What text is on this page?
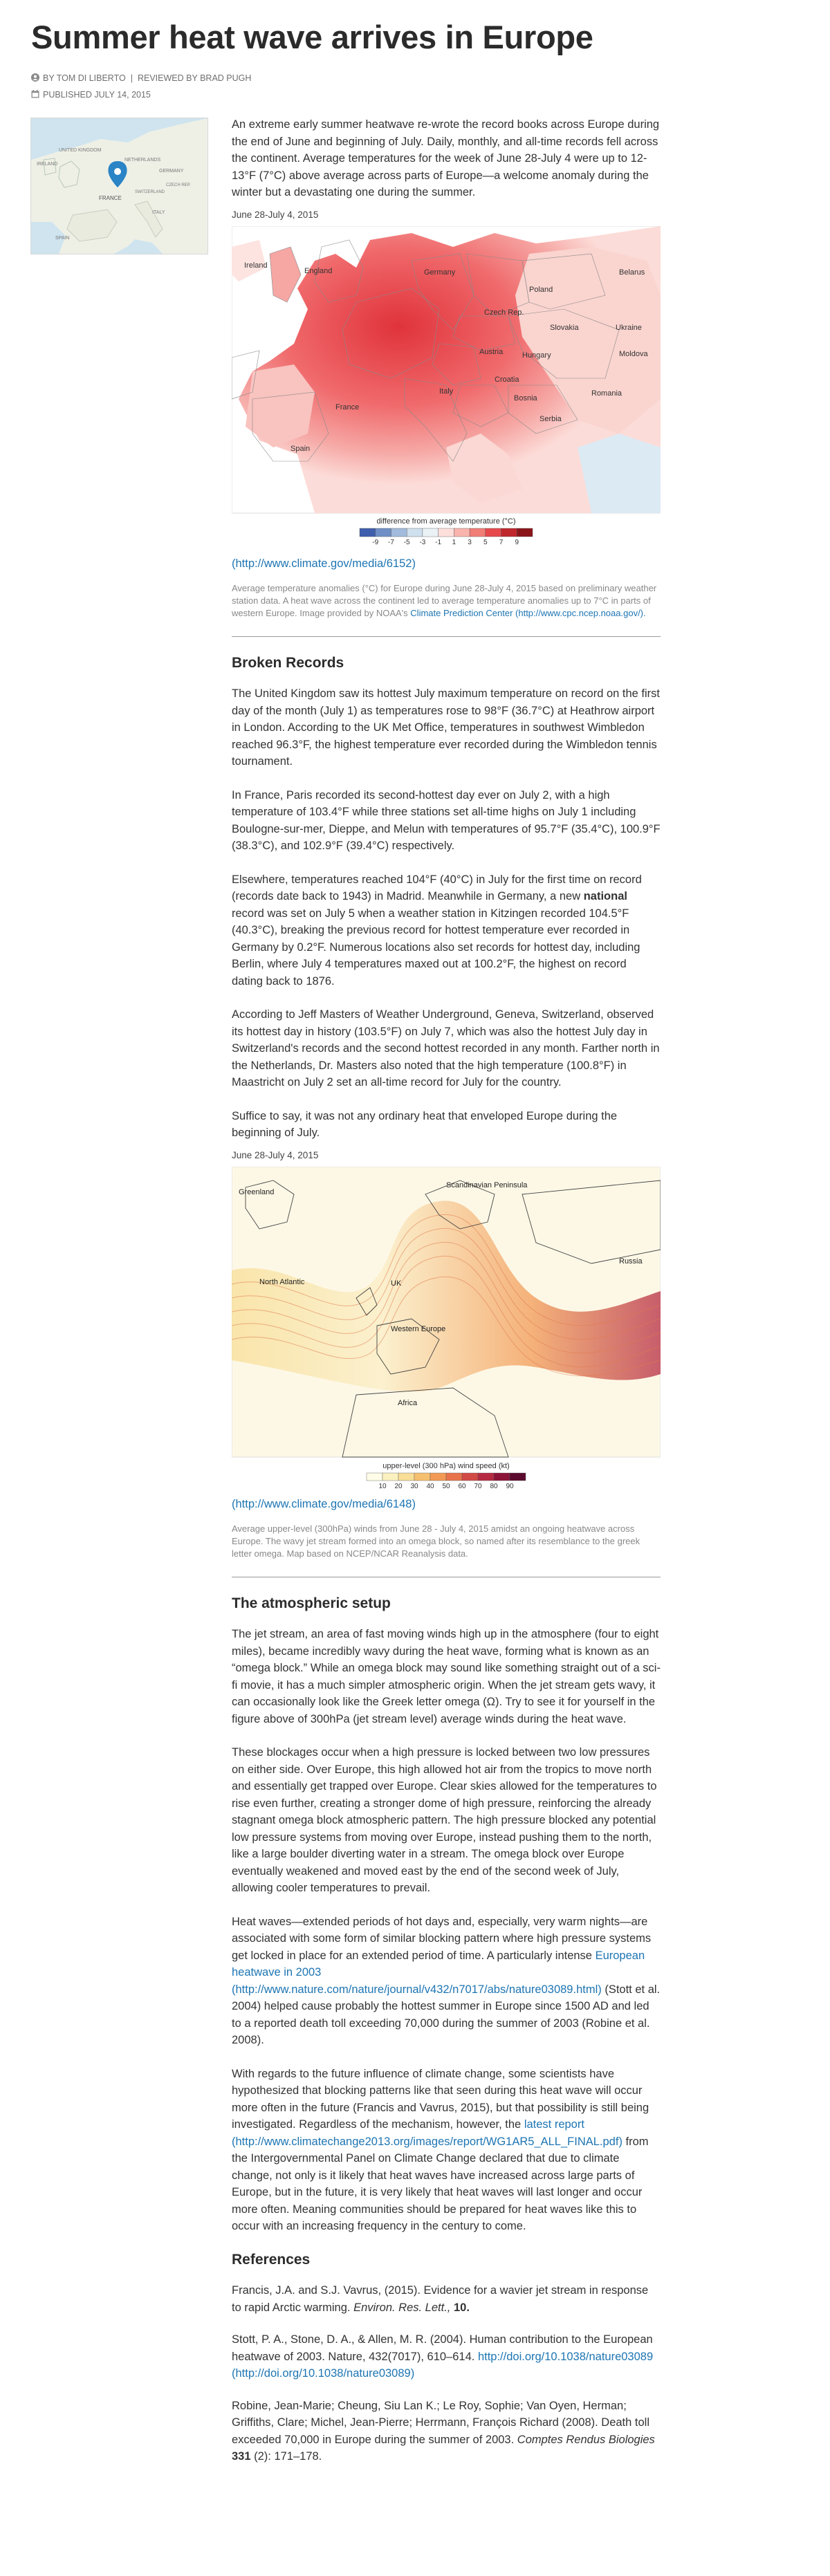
Summer heat wave arrives in Europe
BY TOM DI LIBERTO | REVIEWED BY BRAD PUGH
PUBLISHED JULY 14, 2015
IRELAND
UNITED KINGDOM
NETHERLANDS
GERMANY
FRANCE
ITALY
SPAIN
SWITZERLAND
CZECH REP.

An extreme early summer heatwave re-wrote the record books across Europe during the end of June and beginning of July. Daily, monthly, and all-time records fell across the continent. Average temperatures for the week of June 28-July 4 were up to 12-13°F (7°C) above average across parts of Europe—a welcome anomaly during the winter but a devastating one during the summer.

June 28-July 4, 2015
Ireland
England	Germany
Poland
Belarus
Czech Rep.
Ukraine
Slovakia
Moldova
Hungary
France
Austria
Croatia
Bosnia
Serbia
Romania
Italy
Spain
difference from average temperature (°C)
-9 -7 -5 -3 -1 1 3 5 7 9
(http://www.climate.gov/media/6152)

Average temperature anomalies (°C) for Europe during June 28-July 4, 2015 based on preliminary weather station data. A heat wave across the continent led to average temperature anomalies up to 7°C in parts of western Europe. Image provided by NOAA's Climate Prediction Center (http://www.cpc.ncep.noaa.gov/).

Broken Records

The United Kingdom saw its hottest July maximum temperature on record on the first day of the month (July 1) as temperatures rose to 98°F (36.7°C) at Heathrow airport in London. According to the UK Met Office, temperatures in southwest Wimbledon reached 96.3°F, the highest temperature ever recorded during the Wimbledon tennis tournament.

In France, Paris recorded its second-hottest day ever on July 2, with a high temperature of 103.4°F while three stations set all-time highs on July 1 including Boulogne-sur-mer, Dieppe, and Melun with temperatures of 95.7°F (35.4°C), 100.9°F (38.3°C), and 102.9°F (39.4°C) respectively.

Elsewhere, temperatures reached 104°F (40°C) in July for the first time on record (records date back to 1943) in Madrid. Meanwhile in Germany, a new national record was set on July 5 when a weather station in Kitzingen recorded 104.5°F (40.3°C), breaking the previous record for hottest temperature ever recorded in Germany by 0.2°F. Numerous locations also set records for hottest day, including Berlin, where July 4 temperatures maxed out at 100.2°F, the highest on record dating back to 1876.

According to Jeff Masters of Weather Underground, Geneva, Switzerland, observed its hottest day in history (103.5°F) on July 7, which was also the hottest July day in Switzerland's records and the second hottest recorded in any month. Farther north in the Netherlands, Dr. Masters also noted that the high temperature (100.8°F) in Maastricht on July 2 set an all-time record for July for the country.

Suffice to say, it was not any ordinary heat that enveloped Europe during the beginning of July.

June 28-July 4, 2015
Greenland
Scandinavian Peninsula
Russia
North Atlantic	UK
Western Europe
Africa
upper-level (300 hPa) wind speed (kt)
10 20 30 40 50 60 70 80 90
(http://www.climate.gov/media/6148)

Average upper-level (300hPa) winds from June 28 - July 4, 2015 amidst an ongoing heatwave across Europe. The wavy jet stream formed into an omega block, so named after its resemblance to the greek letter omega. Map based on NCEP/NCAR Reanalysis data.

The atmospheric setup

The jet stream, an area of fast moving winds high up in the atmosphere (four to eight miles), became incredibly wavy during the heat wave, forming what is known as an “omega block.” While an omega block may sound like something straight out of a sci-fi movie, it has a much simpler atmospheric origin. When the jet stream gets wavy, it can occasionally look like the Greek letter omega (Ω). Try to see it for yourself in the figure above of 300hPa (jet stream level) average winds during the heat wave.

These blockages occur when a high pressure is locked between two low pressures on either side. Over Europe, this high allowed hot air from the tropics to move north and essentially get trapped over Europe. Clear skies allowed for the temperatures to rise even further, creating a stronger dome of high pressure, reinforcing the already stagnant omega block atmospheric pattern. The high pressure blocked any potential low pressure systems from moving over Europe, instead pushing them to the north, like a large boulder diverting water in a stream. The omega block over Europe eventually weakened and moved east by the end of the second week of July, allowing cooler temperatures to prevail.

Heat waves—extended periods of hot days and, especially, very warm nights—are associated with some form of similar blocking pattern where high pressure systems get locked in place for an extended period of time. A particularly intense European heatwave in 2003 (http://www.nature.com/nature/journal/v432/n7017/abs/nature03089.html) (Stott et al. 2004) helped cause probably the hottest summer in Europe since 1500 AD and led to a reported death toll exceeding 70,000 during the summer of 2003 (Robine et al. 2008).

With regards to the future influence of climate change, some scientists have hypothesized that blocking patterns like that seen during this heat wave will occur more often in the future (Francis and Vavrus, 2015), but that possibility is still being investigated. Regardless of the mechanism, however, the latest report (http://www.climatechange2013.org/images/report/WG1AR5_ALL_FINAL.pdf) from the Intergovernmental Panel on Climate Change declared that due to climate change, not only is it likely that heat waves have increased across large parts of Europe, but in the future, it is very likely that heat waves will last longer and occur more often. Meaning communities should be prepared for heat waves like this to occur with an increasing frequency in the century to come.

References

Francis, J.A. and S.J. Vavrus, (2015). Evidence for a wavier jet stream in response to rapid Arctic warming. Environ. Res. Lett., 10.

Stott, P. A., Stone, D. A., & Allen, M. R. (2004). Human contribution to the European heatwave of 2003. Nature, 432(7017), 610–614. http://doi.org/10.1038/nature03089 (http://doi.org/10.1038/nature03089)

Robine, Jean-Marie; Cheung, Siu Lan K.; Le Roy, Sophie; Van Oyen, Herman; Griffiths, Clare; Michel, Jean-Pierre; Herrmann, François Richard (2008). Death toll exceeded 70,000 in Europe during the summer of 2003. Comptes Rendus Biologies 331 (2): 171–178.
